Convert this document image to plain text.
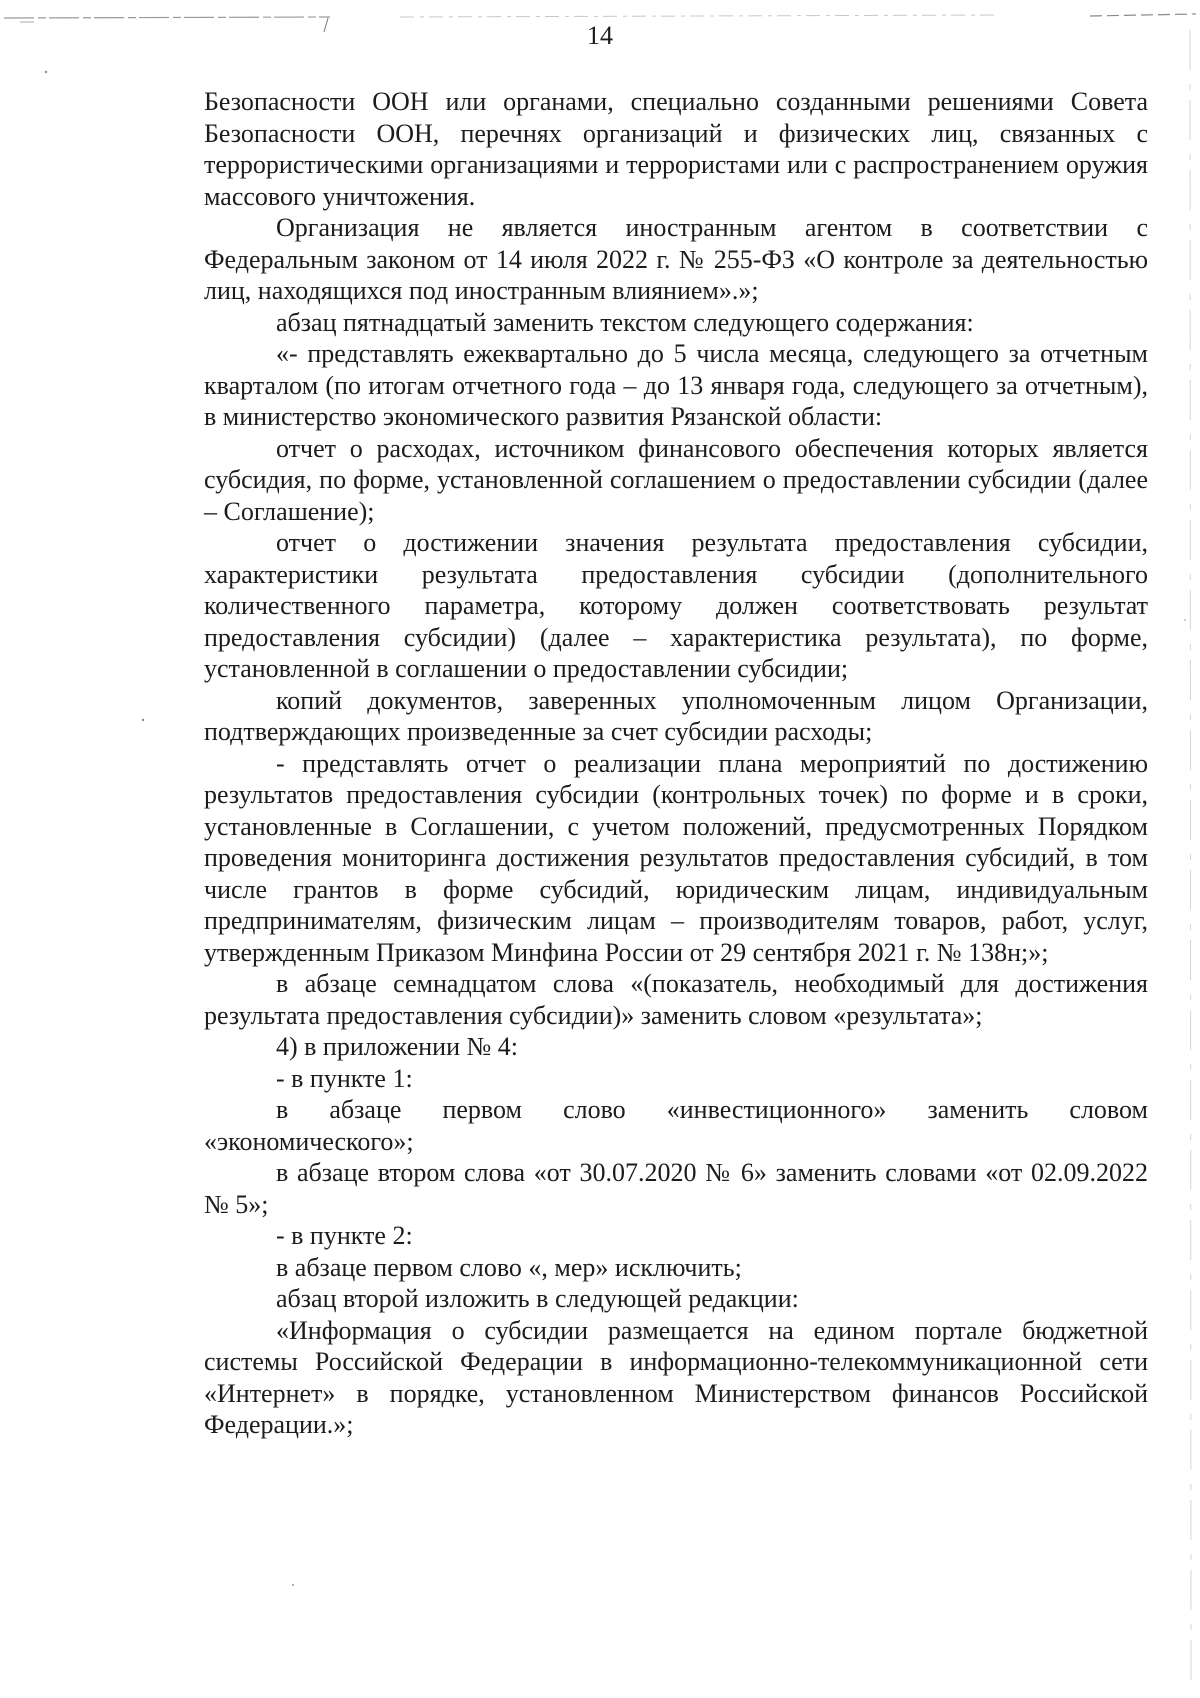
14

Безопасности ООН или органами, специально созданными решениями Совета Безопасности ООН, перечнях организаций и физических лиц, связанных с террористическими организациями и террористами или с распространением оружия массового уничтожения.

Организация не является иностранным агентом в соответствии с Федеральным законом от 14 июля 2022 г. № 255-ФЗ «О контроле за деятельностью лиц, находящихся под иностранным влиянием».»;

абзац пятнадцатый заменить текстом следующего содержания:

«- представлять ежеквартально до 5 числа месяца, следующего за отчетным кварталом (по итогам отчетного года – до 13 января года, следующего за отчетным), в министерство экономического развития Рязанской области:

отчет о расходах, источником финансового обеспечения которых является субсидия, по форме, установленной соглашением о предоставлении субсидии (далее – Соглашение);

отчет о достижении значения результата предоставления субсидии, характеристики результата предоставления субсидии (дополнительного количественного параметра, которому должен соответствовать результат предоставления субсидии) (далее – характеристика результата), по форме, установленной в соглашении о предоставлении субсидии;

копий документов, заверенных уполномоченным лицом Организации, подтверждающих произведенные за счет субсидии расходы;

- представлять отчет о реализации плана мероприятий по достижению результатов предоставления субсидии (контрольных точек) по форме и в сроки, установленные в Соглашении, с учетом положений, предусмотренных Порядком проведения мониторинга достижения результатов предоставления субсидий, в том числе грантов в форме субсидий, юридическим лицам, индивидуальным предпринимателям, физическим лицам – производителям товаров, работ, услуг, утвержденным Приказом Минфина России от 29 сентября 2021 г. № 138н;»;

в абзаце семнадцатом слова «(показатель, необходимый для достижения результата предоставления субсидии)» заменить словом «результата»;

4) в приложении № 4:

- в пункте 1:

в абзаце первом слово «инвестиционного» заменить словом «экономического»;

в абзаце втором слова «от 30.07.2020 № 6» заменить словами «от 02.09.2022 № 5»;

- в пункте 2:

в абзаце первом слово «, мер» исключить;

абзац второй изложить в следующей редакции:

«Информация о субсидии размещается на едином портале бюджетной системы Российской Федерации в информационно-телекоммуникационной сети «Интернет» в порядке, установленном Министерством финансов Российской Федерации.»;
